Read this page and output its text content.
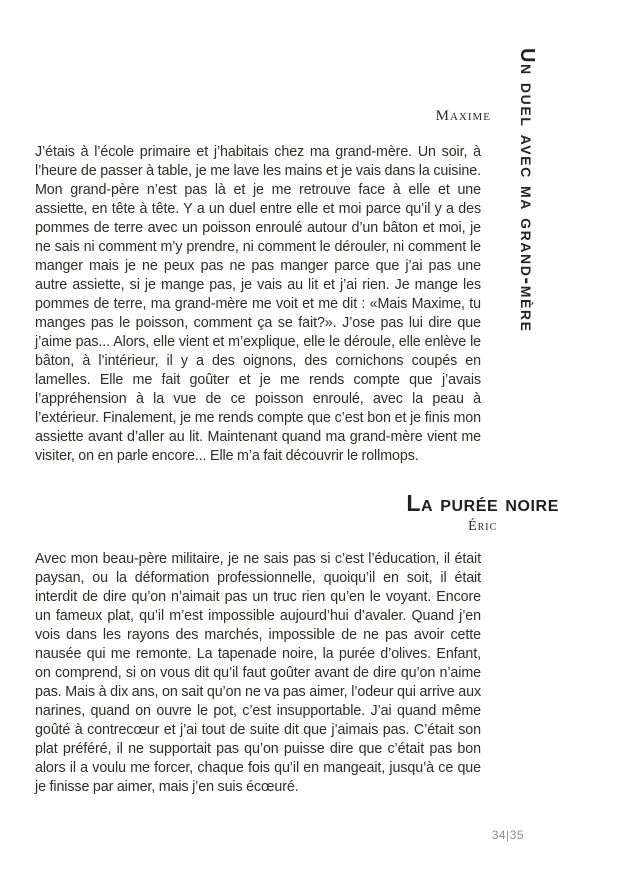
Un duel avec ma grand-mère
Maxime

J’étais à l’école primaire et j’habitais chez ma grand-mère. Un soir, à l’heure de passer à table, je me lave les mains et je vais dans la cuisine. Mon grand-père n’est pas là et je me retrouve face à elle et une assiette, en tête à tête. Y a un duel entre elle et moi parce qu’il y a des pommes de terre avec un poisson enroulé autour d’un bâton et moi, je ne sais ni comment m’y prendre, ni comment le dérouler, ni comment le manger mais je ne peux pas ne pas manger parce que j’ai pas une autre assiette, si je mange pas, je vais au lit et j’ai rien. Je mange les pommes de terre, ma grand-mère me voit et me dit : «Mais Maxime, tu manges pas le poisson, comment ça se fait?». J’ose pas lui dire que j’aime pas... Alors, elle vient et m’explique, elle le déroule, elle enlève le bâton, à l’intérieur, il y a des oignons, des cornichons coupés en lamelles. Elle me fait goûter et je me rends compte que j’avais l’appréhension à la vue de ce poisson enroulé, avec la peau à l’extérieur. Finalement, je me rends compte que c’est bon et je finis mon assiette avant d’aller au lit. Maintenant quand ma grand-mère vient me visiter, on en parle encore... Elle m’a fait découvrir le rollmops.

La purée noire
Éric

Avec mon beau-père militaire, je ne sais pas si c’est l’éducation, il était paysan, ou la déformation professionnelle, quoiqu’il en soit, il était interdit de dire qu’on n’aimait pas un truc rien qu’en le voyant. Encore un fameux plat, qu’il m’est impossible aujourd’hui d’avaler. Quand j’en vois dans les rayons des marchés, impossible de ne pas avoir cette nausée qui me remonte. La tapenade noire, la purée d’olives. Enfant, on comprend, si on vous dit qu’il faut goûter avant de dire qu’on n’aime pas. Mais à dix ans, on sait qu’on ne va pas aimer, l’odeur qui arrive aux narines, quand on ouvre le pot, c’est insupportable. J’ai quand même goûté à contrecœur et j’ai tout de suite dit que j’aimais pas. C’était son plat préféré, il ne supportait pas qu’on puisse dire que c’était pas bon alors il a voulu me forcer, chaque fois qu’il en mangeait, jusqu’à ce que je finisse par aimer, mais j’en suis écœuré.

34|35
